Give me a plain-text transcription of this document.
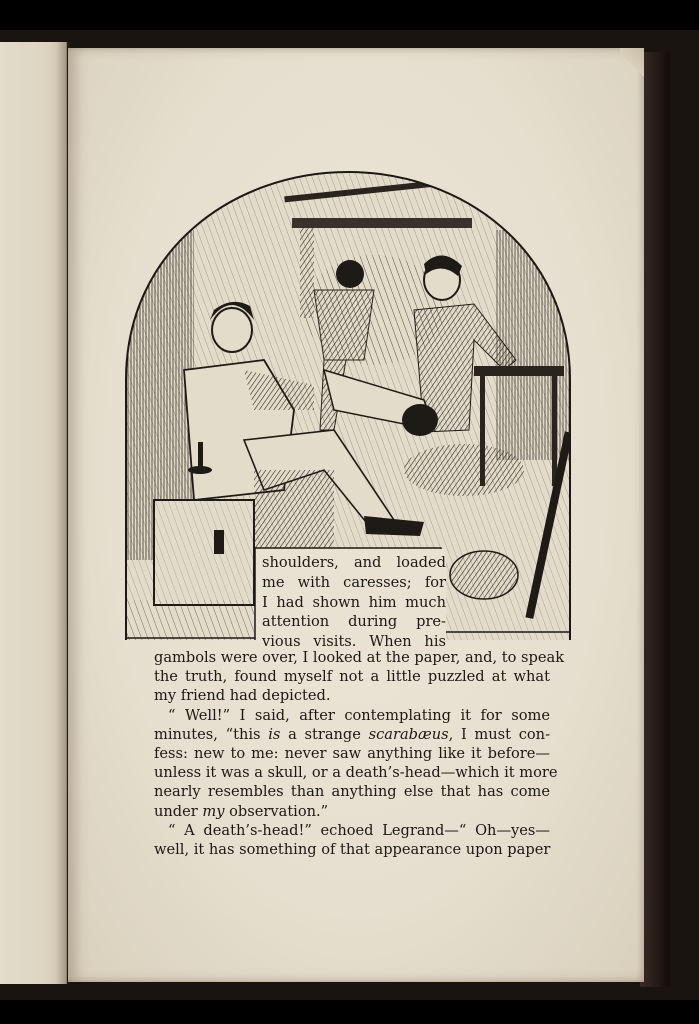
shoulders, and loaded
me with caresses; for
I had shown him much
attention during pre-
vious visits. When his
gambols were over, I looked at the paper, and, to speak
the truth, found myself not a little puzzled at what
my friend had depicted.
“ Well!” I said, after contemplating it for some
minutes, “this is a strange scarabæus, I must con-
fess: new to me: never saw anything like it before—
unless it was a skull, or a death’s-head—which it more
nearly resembles than anything else that has come
under my observation.”
“ A death’s-head!” echoed Legrand—“ Oh—yes—
well, it has something of that appearance upon paper
